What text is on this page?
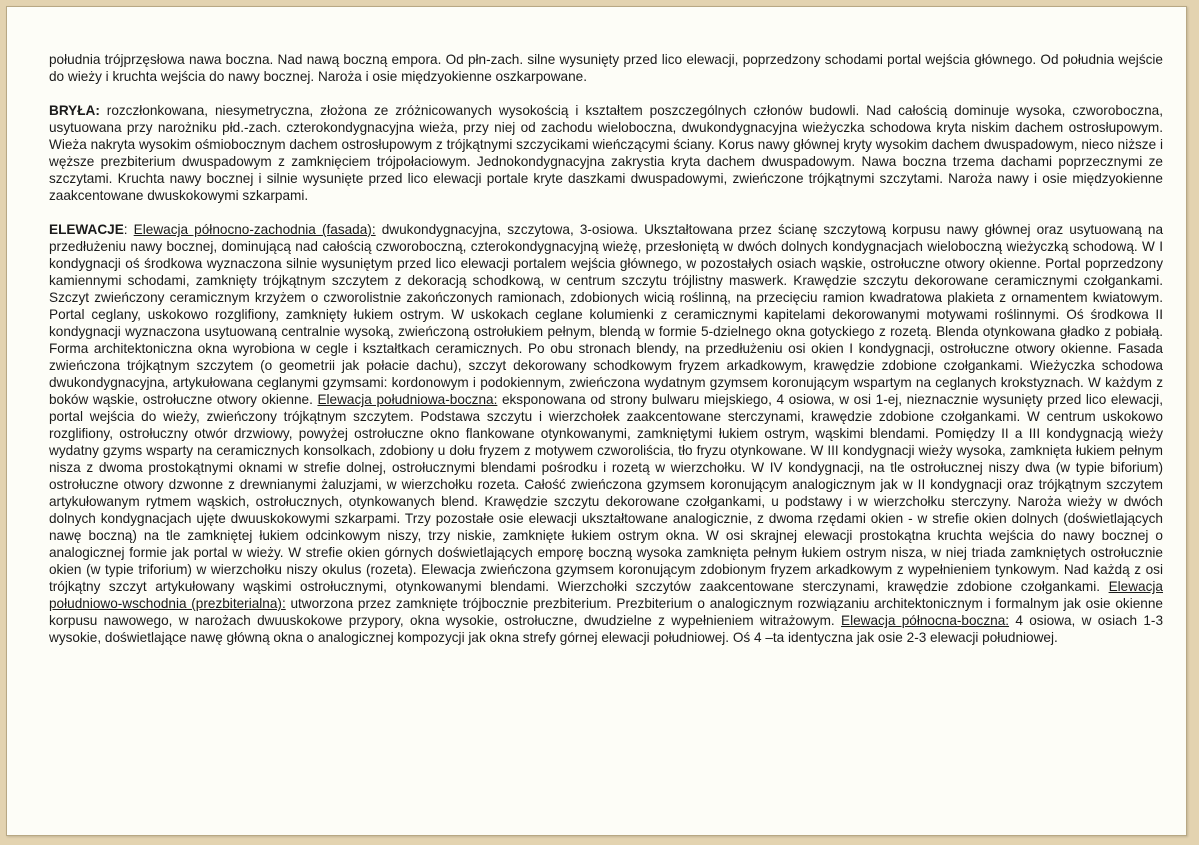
południa trójprzęsłowa nawa boczna. Nad nawą boczną empora. Od płn-zach. silne wysunięty przed lico elewacji, poprzedzony schodami portal wejścia głównego. Od południa wejście do wieży i kruchta wejścia do nawy bocznej. Naroża i osie międzyokienne oszkarpowane.

BRYŁA: rozczłonkowana, niesymetryczna, złożona ze zróżnicowanych wysokością i kształtem poszczególnych członów budowli. Nad całością dominuje wysoka, czworoboczna, usytuowana przy narożniku płd.-zach. czterokondygnacyjna wieża, przy niej od zachodu wieloboczna, dwukondygnacyjna wieżyczka schodowa kryta niskim dachem ostrosłupowym. Wieża nakryta wysokim ośmiobocznym dachem ostrosłupowym z trójkątnymi szczycikami wieńczącymi ściany. Korus nawy głównej kryty wysokim dachem dwuspadowym, nieco niższe i węższe prezbiterium dwuspadowym z zamknięciem trójpołaciowym. Jednokondygnacyjna zakrystia kryta dachem dwuspadowym. Nawa boczna trzema dachami poprzecznymi ze szczytami. Kruchta nawy bocznej i silnie wysunięte przed lico elewacji portale kryte daszkami dwuspadowymi, zwieńczone trójkątnymi szczytami. Naroża nawy i osie międzyokienne zaakcentowane dwuskokowymi szkarpami.

ELEWACJE: Elewacja północno-zachodnia (fasada): dwukondygnacyjna, szczytowa, 3-osiowa. Ukształtowana przez ścianę szczytową korpusu nawy głównej oraz usytuowaną na przedłużeniu nawy bocznej, dominującą nad całością czworoboczną, czterokondygnacyjną wieżę, przesłoniętą w dwóch dolnych kondygnacjach wieloboczną wieżyczką schodową. W I kondygnacji oś środkowa wyznaczona silnie wysuniętym przed lico elewacji portalem wejścia głównego, w pozostałych osiach wąskie, ostrołuczne otwory okienne. Portal poprzedzony kamiennymi schodami, zamknięty trójkątnym szczytem z dekoracją schodkową, w centrum szczytu trójlistny maswerk. Krawędzie szczytu dekorowane ceramicznymi czołgankami. Szczyt zwieńczony ceramicznym krzyżem o czworolistnie zakończonych ramionach, zdobionych wicią roślinną, na przecięciu ramion kwadratowa plakieta z ornamentem kwiatowym. Portal ceglany, uskokowo rozglifiony, zamknięty łukiem ostrym. W uskokach ceglane kolumienki z ceramicznymi kapitelami dekorowanymi motywami roślinnymi. Oś środkowa II kondygnacji wyznaczona usytuowaną centralnie wysoką, zwieńczoną ostrołukiem pełnym, blendą w formie 5-dzielnego okna gotyckiego z rozetą. Blenda otynkowana gładko z pobiałą. Forma architektoniczna okna wyrobiona w cegle i kształtkach ceramicznych. Po obu stronach blendy, na przedłużeniu osi okien I kondygnacji, ostrołuczne otwory okienne. Fasada zwieńczona trójkątnym szczytem (o geometrii jak połacie dachu), szczyt dekorowany schodkowym fryzem arkadkowym, krawędzie zdobione czołgankami. Wieżyczka schodowa dwukondygnacyjna, artykułowana ceglanymi gzymsami: kordonowym i podokiennym, zwieńczona wydatnym gzymsem koronującym wspartym na ceglanych krokstyznach. W każdym z boków wąskie, ostrołuczne otwory okienne. Elewacja południowa-boczna: eksponowana od strony bulwaru miejskiego, 4 osiowa, w osi 1-ej, nieznacznie wysunięty przed lico elewacji, portal wejścia do wieży, zwieńczony trójkątnym szczytem. Podstawa szczytu i wierzchołek zaakcentowane sterczynami, krawędzie zdobione czołgankami. W centrum uskokowo rozglifiony, ostrołuczny otwór drzwiowy, powyżej ostrołuczne okno flankowane otynkowanymi, zamkniętymi łukiem ostrym, wąskimi blendami. Pomiędzy II a III kondygnacją wieży wydatny gzyms wsparty na ceramicznych konsolkach, zdobiony u dołu fryzem z motywem czworoliścia, tło fryzu otynkowane. W III kondygnacji wieży wysoka, zamknięta łukiem pełnym nisza z dwoma prostokątnymi oknami w strefie dolnej, ostrołucznymi blendami pośrodku i rozetą w wierzchołku. W IV kondygnacji, na tle ostrołucznej niszy dwa (w typie biforium) ostrołuczne otwory dzwonne z drewnianymi żaluzjami, w wierzchołku rozeta. Całość zwieńczona gzymsem koronującym analogicznym jak w II kondygnacji oraz trójkątnym szczytem artykułowanym rytmem wąskich, ostrołucznych, otynkowanych blend. Krawędzie szczytu dekorowane czołgankami, u podstawy i w wierzchołku sterczyny. Naroża wieży w dwóch dolnych kondygnacjach ujęte dwuuskokowymi szkarpami. Trzy pozostałe osie elewacji ukształtowane analogicznie, z dwoma rzędami okien - w strefie okien dolnych (doświetlających nawę boczną) na tle zamkniętej łukiem odcinkowym niszy, trzy niskie, zamknięte łukiem ostrym okna. W osi skrajnej elewacji prostokątna kruchta wejścia do nawy bocznej o analogicznej formie jak portal w wieży. W strefie okien górnych doświetlających emporę boczną wysoka zamknięta pełnym łukiem ostrym nisza, w niej triada zamkniętych ostrołucznie okien (w typie triforium) w wierzchołku niszy okulus (rozeta). Elewacja zwieńczona gzymsem koronującym zdobionym fryzem arkadkowym z wypełnieniem tynkowym. Nad każdą z osi trójkątny szczyt artykułowany wąskimi ostrołucznymi, otynkowanymi blendami. Wierzchołki szczytów zaakcentowane sterczynami, krawędzie zdobione czołgankami. Elewacja południowo-wschodnia (prezbiterialna): utworzona przez zamknięte trójbocznie prezbiterium. Prezbiterium o analogicznym rozwiązaniu architektonicznym i formalnym jak osie okienne korpusu nawowego, w narożach dwuuskokowe przypory, okna wysokie, ostrołuczne, dwudzielne z wypełnieniem witrażowym. Elewacja północna-boczna: 4 osiowa, w osiach 1-3 wysokie, doświetlające nawę główną okna o analogicznej kompozycji jak okna strefy górnej elewacji południowej. Oś 4 –ta identyczna jak osie 2-3 elewacji południowej.
